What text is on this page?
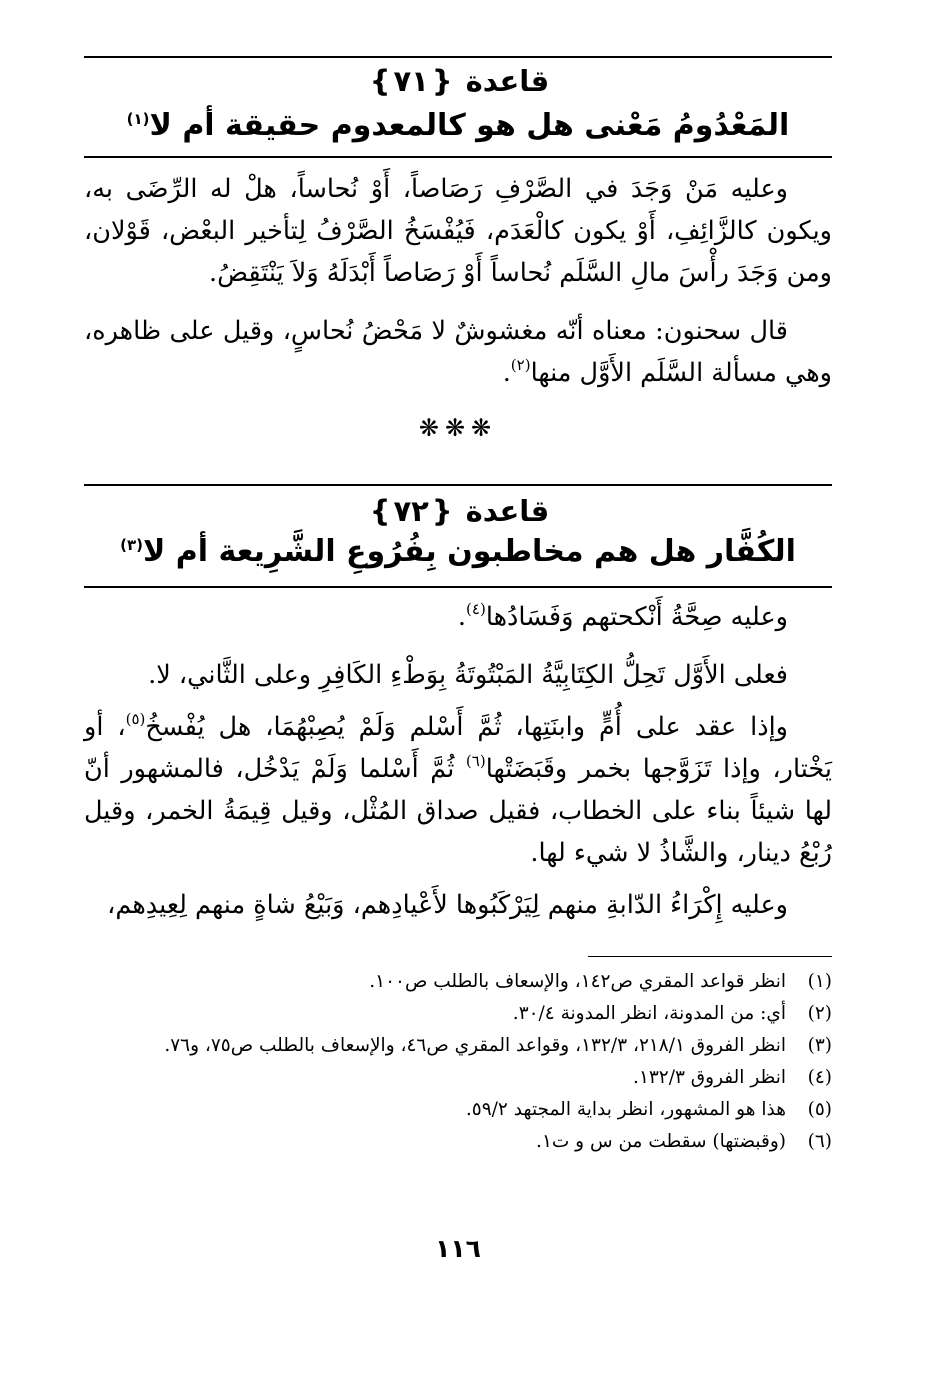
قاعدة {٧١}
المَعْدُومُ مَعْنى هل هو كالمعدوم حقيقة أم لا$^{(١)}$
وعليه مَنْ وَجَدَ في الصَّرْفِ رَصَاصاً، أَوْ نُحاساً، هلْ له الرِّضَى به، ويكون كالزَّائِفِ، أَوْ يكون كالْعَدَم، فَيُفْسَخُ الصَّرْفُ لِتأخير البعْض، قَوْلان، ومن وَجَدَ رأْسَ مالِ السَّلَم نُحاساً أَوْ رَصَاصاً أَبْدَلَهُ وَلاَ يَنْتَقِضُ.
قال سحنون: معناه أنّه مغشوشٌ لا مَحْضُ نُحاسٍ، وقيل على ظاهره، وهي مسألة السَّلَم الأَوَّل منها$^{(٢)}$.
❋❋❋
قاعدة {٧٢}
الكُفَّار هل هم مخاطبون بِفُرُوعِ الشَّرِيعة أم لا$^{(٣)}$
وعليه صِحَّةُ أَنْكحتهم وَفَسَادُها$^{(٤)}$.
فعلى الأَوَّل تَحِلُّ الكِتَابِيَّةُ المَبْتُوتَةُ بِوَطْءِ الكَافِرِ وعلى الثَّاني، لا.
وإذا عقد على أُمٍّ وابنَتِها، ثُمَّ أَسْلم وَلَمْ يُصِبْهُمَا، هل يُفْسخُ$^{(٥)}$، أو يَخْتار، وإذا تَزَوَّجها بخمر وقَبَضَتْها$^{(٦)}$ ثُمَّ أَسْلما وَلَمْ يَدْخُل، فالمشهور أنّ لها شيئاً بناء على الخطاب، فقيل صداق المُثْل، وقيل قِيمَةُ الخمر، وقيل رُبْعُ دينار، والشَّاذُ لا شيء لها.
وعليه إِكْرَاءُ الدّابةِ منهم لِيَرْكَبُوها لأَعْيادِهم، وَبَيْعُ شاةٍ منهم لِعِيدِهم،
(١)
انظر قواعد المقري ص١٤٢، والإسعاف بالطلب ص١٠٠.
(٢)
أي: من المدونة، انظر المدونة ٣٠/٤.
(٣)
انظر الفروق ٢١٨/١، ١٣٢/٣، وقواعد المقري ص٤٦، والإسعاف بالطلب ص٧٥، و٧٦.
(٤)
انظر الفروق ١٣٢/٣.
(٥)
هذا هو المشهور، انظر بداية المجتهد ٥٩/٢.
(٦)
(وقبضتها) سقطت من س و ت١.
١١٦
